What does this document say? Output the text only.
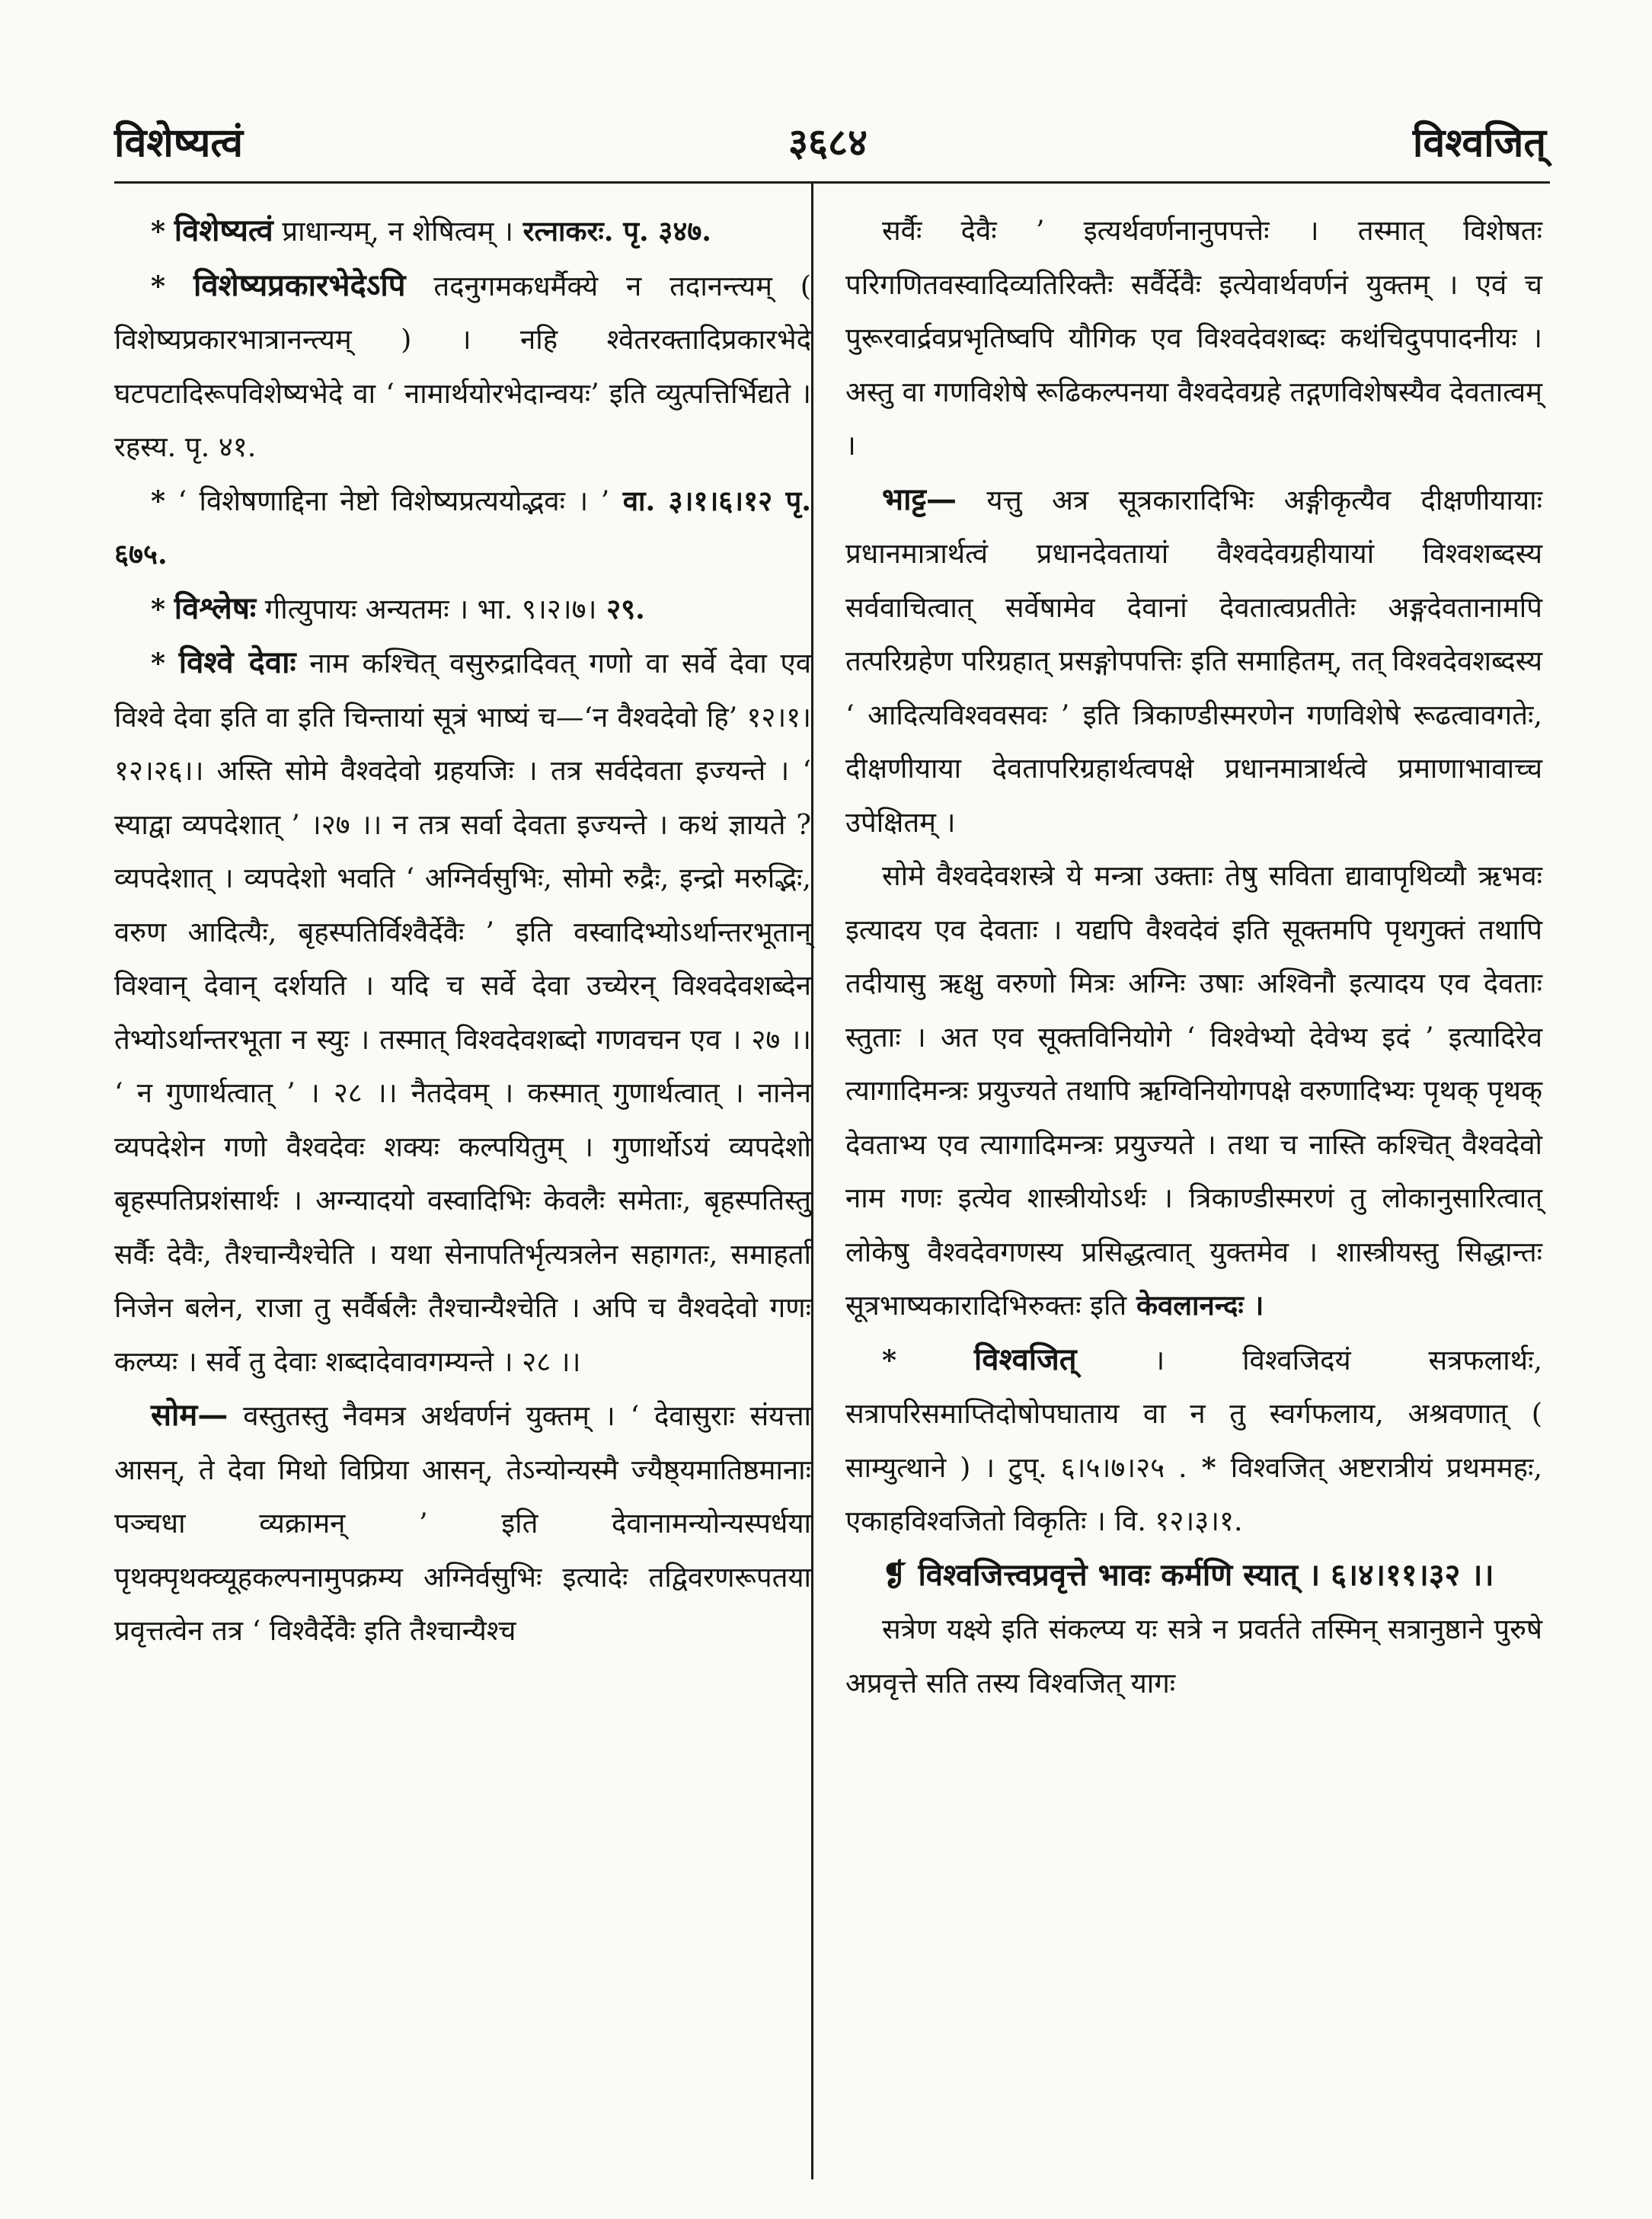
विशेष्यत्वं	३६८४	विश्वजित्

* विशेष्यत्वं प्राधान्यम्, न शेषित्वम् । रत्नाकरः. पृ. ३४७.

* विशेष्यप्रकारभेदेऽपि तदनुगमकधर्मैक्ये न तदानन्त्यम् ( विशेष्यप्रकारभात्रानन्त्यम् ) । नहि श्वेतरक्तादिप्रकारभेदे घटपटादिरूपविशेष्यभेदे वा ‘ नामार्थयोरभेदान्वयः’ इति व्युत्पत्तिर्भिद्यते । रहस्य. पृ. ४१.

* ‘ विशेषणाद्दिना नेष्टो विशेष्यप्रत्ययोद्भवः । ’ वा. ३।१।६।१२ पृ. ६७५.

* विश्लेषः गीत्युपायः अन्यतमः । भा. ९।२।७। २९.

* विश्वे देवाः नाम कश्चित् वसुरुद्रादिवत् गणो वा सर्वे देवा एव विश्वे देवा इति वा इति चिन्तायां सूत्रं भाष्यं च—‘न वैश्वदेवो हि’ १२।१।१२।२६।। अस्ति सोमे वैश्वदेवो ग्रहयजिः । तत्र सर्वदेवता इज्यन्ते । ‘ स्याद्वा व्यपदेशात् ’ ।२७ ।। न तत्र सर्वा देवता इज्यन्ते । कथं ज्ञायते ? व्यपदेशात् । व्यपदेशो भवति ‘ अग्निर्वसुभिः, सोमो रुद्रैः, इन्द्रो मरुद्भिः, वरुण आदित्यैः, बृहस्पतिर्विश्वैर्देवैः ’ इति वस्वादिभ्योऽर्थान्तरभूतान् विश्वान् देवान् दर्शयति । यदि च सर्वे देवा उच्येरन् विश्वदेवशब्देन तेभ्योऽर्थान्तरभूता न स्युः । तस्मात् विश्वदेवशब्दो गणवचन एव । २७ ।। ‘ न गुणार्थत्वात् ’ । २८ ।। नैतदेवम् । कस्मात् गुणार्थत्वात् । नानेन व्यपदेशेन गणो वैश्वदेवः शक्यः कल्पयितुम् । गुणार्थोऽयं व्यपदेशो बृहस्पतिप्रशंसार्थः । अग्न्यादयो वस्वादिभिः केवलैः समेताः, बृहस्पतिस्तु सर्वैः देवैः, तैश्चान्यैश्चेति । यथा सेनापतिर्भृत्यत्रलेन सहागतः, समाहर्ता निजेन बलेन, राजा तु सर्वैर्बलैः तैश्चान्यैश्चेति । अपि च वैश्वदेवो गणः कल्प्यः । सर्वे तु देवाः शब्दादेवावगम्यन्ते । २८ ।।

सोम— वस्तुतस्तु नैवमत्र अर्थवर्णनं युक्तम् । ‘ देवासुराः संयत्ता आसन्, ते देवा मिथो विप्रिया आसन्, तेऽन्योन्यस्मै ज्यैष्ठ्यमातिष्ठमानाः पञ्चधा व्यक्रामन् ’ इति देवानामन्योन्यस्पर्धया पृथक्पृथक्व्यूहकल्पनामुपक्रम्य अग्निर्वसुभिः इत्यादेः तद्विवरणरूपतया प्रवृत्तत्वेन तत्र ‘ विश्वैर्देवैः इति तैश्चान्यैश्च

सर्वैः देवैः ’ इत्यर्थवर्णनानुपपत्तेः । तस्मात् विशेषतः परिगणितवस्वादिव्यतिरिक्तैः सर्वैर्देवैः इत्येवार्थवर्णनं युक्तम् । एवं च पुरूरवार्द्रवप्रभृतिष्वपि यौगिक एव विश्वदेवशब्दः कथंचिदुपपादनीयः । अस्तु वा गणविशेषे रूढिकल्पनया वैश्वदेवग्रहे तद्गणविशेषस्यैव देवतात्वम् ।

भाट्ट— यत्तु अत्र सूत्रकारादिभिः अङ्गीकृत्यैव दीक्षणीयायाः प्रधानमात्रार्थत्वं प्रधानदेवतायां वैश्वदेवग्रहीयायां विश्वशब्दस्य सर्ववाचित्वात् सर्वेषामेव देवानां देवतात्वप्रतीतेः अङ्गदेवतानामपि तत्परिग्रहेण परिग्रहात् प्रसङ्गोपपत्तिः इति समाहितम्, तत् विश्वदेवशब्दस्य ‘ आदित्यविश्ववसवः ’ इति त्रिकाण्डीस्मरणेन गणविशेषे रूढत्वावगतेः, दीक्षणीयाया देवतापरिग्रहार्थत्वपक्षे प्रधानमात्रार्थत्वे प्रमाणाभावाच्च उपेक्षितम् ।

सोमे वैश्वदेवशस्त्रे ये मन्त्रा उक्ताः तेषु सविता द्यावापृथिव्यौ ऋभवः इत्यादय एव देवताः । यद्यपि वैश्वदेवं इति सूक्तमपि पृथगुक्तं तथापि तदीयासु ऋक्षु वरुणो मित्रः अग्निः उषाः अश्विनौ इत्यादय एव देवताः स्तुताः । अत एव सूक्तविनियोगे ‘ विश्वेभ्यो देवेभ्य इदं ’ इत्यादिरेव त्यागादिमन्त्रः प्रयुज्यते तथापि ऋग्विनियोगपक्षे वरुणादिभ्यः पृथक् पृथक् देवताभ्य एव त्यागादिमन्त्रः प्रयुज्यते । तथा च नास्ति कश्चित् वैश्वदेवो नाम गणः इत्येव शास्त्रीयोऽर्थः । त्रिकाण्डीस्मरणं तु लोकानुसारित्वात् लोकेषु वैश्वदेवगणस्य प्रसिद्धत्वात् युक्तमेव । शास्त्रीयस्तु सिद्धान्तः सूत्रभाष्यकारादिभिरुक्तः इति केवलानन्दः ।

*	विश्वजित् । विश्वजिदयं सत्रफलार्थः, सत्रापरिसमाप्तिदोषोपघाताय वा न तु स्वर्गफलाय, अश्रवणात् ( साम्युत्थाने ) । टुप्. ६।५।७।२५ . * विश्वजित् अष्टरात्रीयं प्रथममहः, एकाहविश्वजितो विकृतिः । वि. १२।३।१.

❡ विश्वजित्त्वप्रवृत्ते भावः कर्मणि स्यात् । ६।४।११।३२ ।।

सत्रेण यक्ष्ये इति संकल्प्य यः सत्रे न प्रवर्तते तस्मिन् सत्रानुष्ठाने पुरुषे अप्रवृत्ते सति तस्य विश्वजित् यागः
